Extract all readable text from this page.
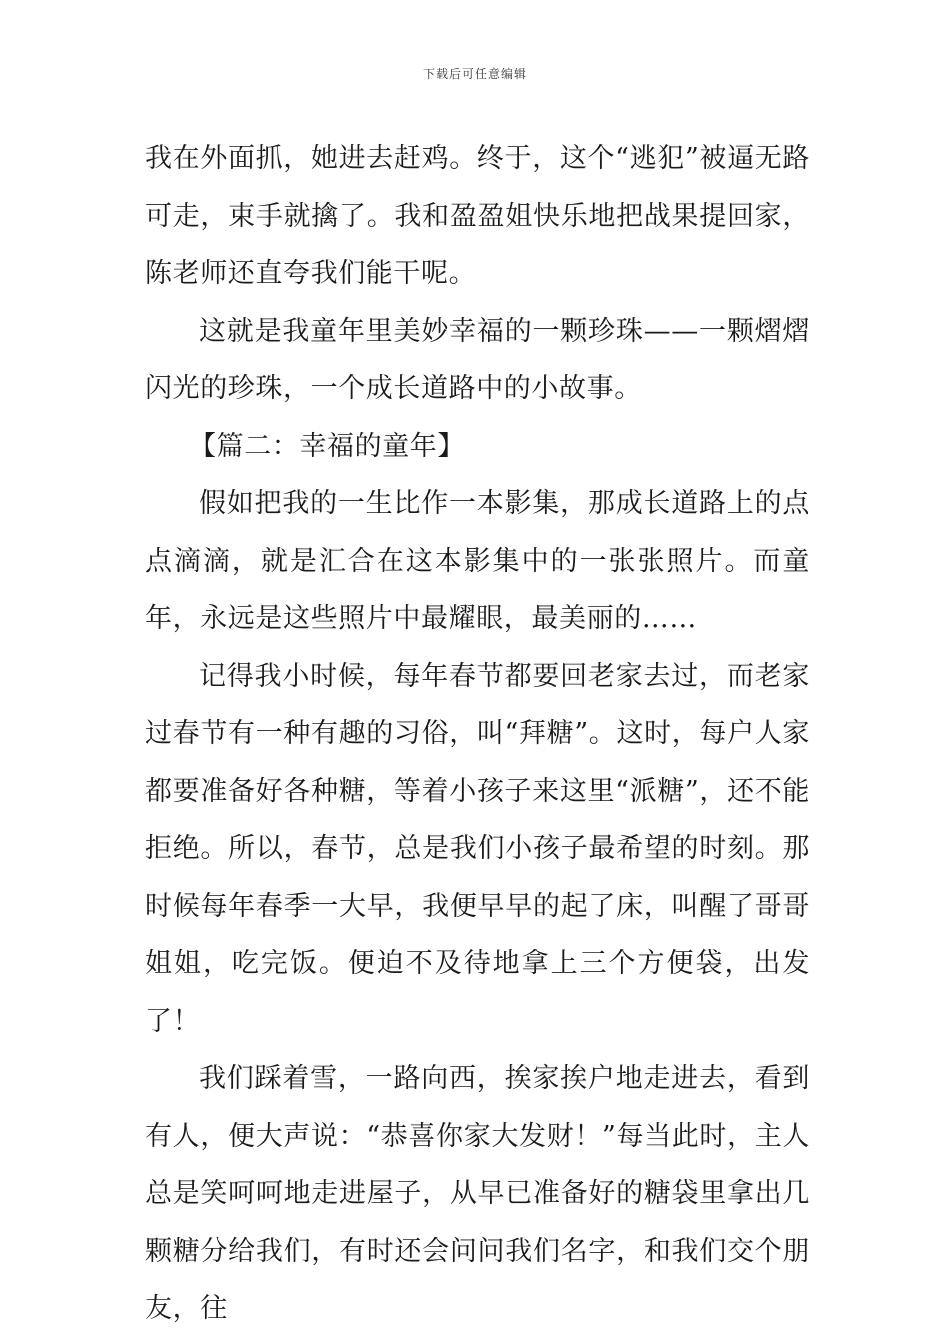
下载后可任意编辑

我在外面抓，她进去赶鸡。终于，这个“逃犯”被逼无路可走，束手就擒了。我和盈盈姐快乐地把战果提回家，陈老师还直夸我们能干呢。

这就是我童年里美妙幸福的一颗珍珠——一颗熠熠闪光的珍珠，一个成长道路中的小故事。

【篇二：幸福的童年】

假如把我的一生比作一本影集，那成长道路上的点点滴滴，就是汇合在这本影集中的一张张照片。而童年，永远是这些照片中最耀眼，最美丽的……

记得我小时候，每年春节都要回老家去过，而老家过春节有一种有趣的习俗，叫“拜糖”。这时，每户人家都要准备好各种糖，等着小孩子来这里“派糖”，还不能拒绝。所以，春节，总是我们小孩子最希望的时刻。那时候每年春季一大早，我便早早的起了床，叫醒了哥哥姐姐，吃完饭。便迫不及待地拿上三个方便袋，出发了！

我们踩着雪，一路向西，挨家挨户地走进去，看到有人，便大声说：“恭喜你家大发财！”每当此时，主人总是笑呵呵地走进屋子，从早已准备好的糖袋里拿出几颗糖分给我们，有时还会问问我们名字，和我们交个朋友，往
